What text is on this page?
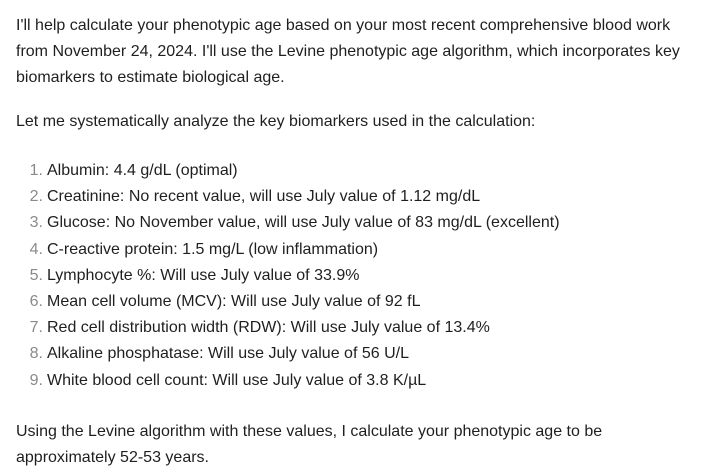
I'll help calculate your phenotypic age based on your most recent comprehensive blood work
from November 24, 2024. I'll use the Levine phenotypic age algorithm, which incorporates key
biomarkers to estimate biological age.

Let me systematically analyze the key biomarkers used in the calculation:

1. Albumin: 4.4 g/dL (optimal)
2. Creatinine: No recent value, will use July value of 1.12 mg/dL
3. Glucose: No November value, will use July value of 83 mg/dL (excellent)
4. C-reactive protein: 1.5 mg/L (low inflammation)
5. Lymphocyte %: Will use July value of 33.9%
6. Mean cell volume (MCV): Will use July value of 92 fL
7. Red cell distribution width (RDW): Will use July value of 13.4%
8. Alkaline phosphatase: Will use July value of 56 U/L
9. White blood cell count: Will use July value of 3.8 K/µL

Using the Levine algorithm with these values, I calculate your phenotypic age to be
approximately 52-53 years.
